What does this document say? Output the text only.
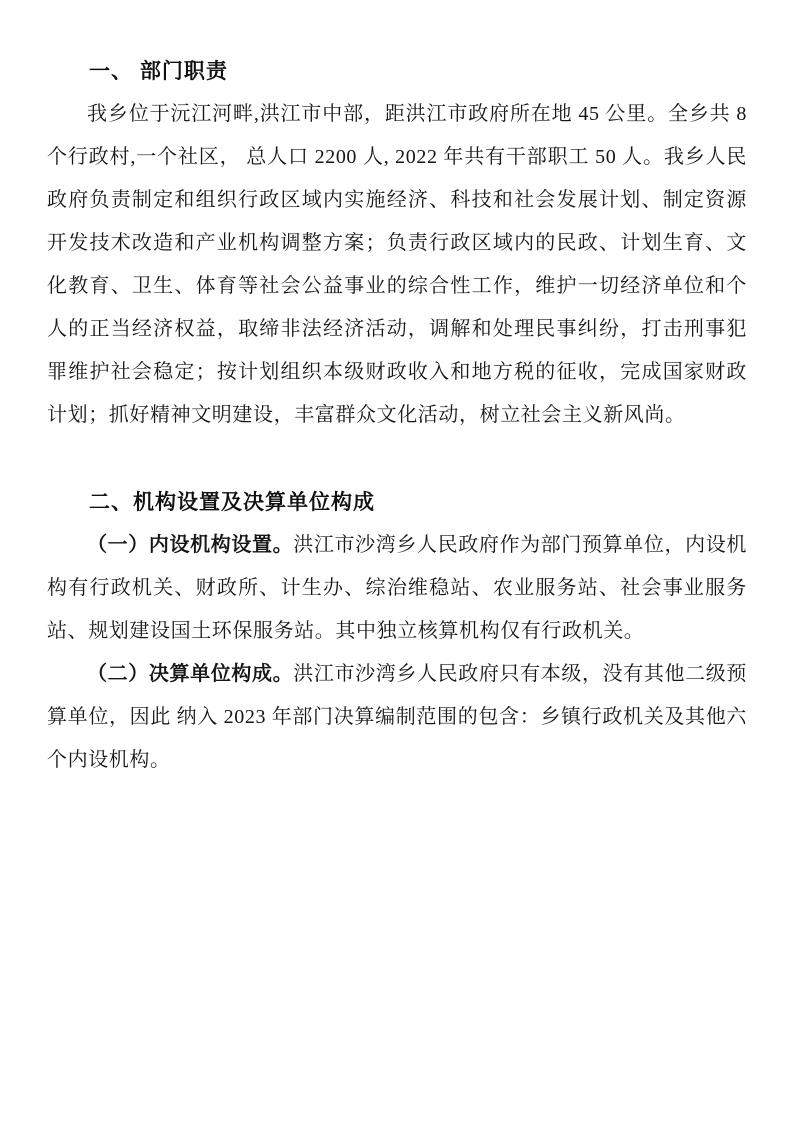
一、 部门职责

我乡位于沅江河畔,洪江市中部，距洪江市政府所在地 45 公里。全乡共 8 个行政村,一个社区， 总人口 2200 人, 2022 年共有干部职工 50 人。我乡人民政府负责制定和组织行政区域内实施经济、科技和社会发展计划、制定资源开发技术改造和产业机构调整方案；负责行政区域内的民政、计划生育、文化教育、卫生、体育等社会公益事业的综合性工作，维护一切经济单位和个人的正当经济权益，取缔非法经济活动，调解和处理民事纠纷，打击刑事犯罪维护社会稳定；按计划组织本级财政收入和地方税的征收，完成国家财政计划；抓好精神文明建设，丰富群众文化活动，树立社会主义新风尚。

二、机构设置及决算单位构成

（一）内设机构设置。洪江市沙湾乡人民政府作为部门预算单位，内设机构有行政机关、财政所、计生办、综治维稳站、农业服务站、社会事业服务站、规划建设国土环保服务站。其中独立核算机构仅有行政机关。

（二）决算单位构成。洪江市沙湾乡人民政府只有本级，没有其他二级预算单位，因此 纳入 2023 年部门决算编制范围的包含：乡镇行政机关及其他六个内设机构。
